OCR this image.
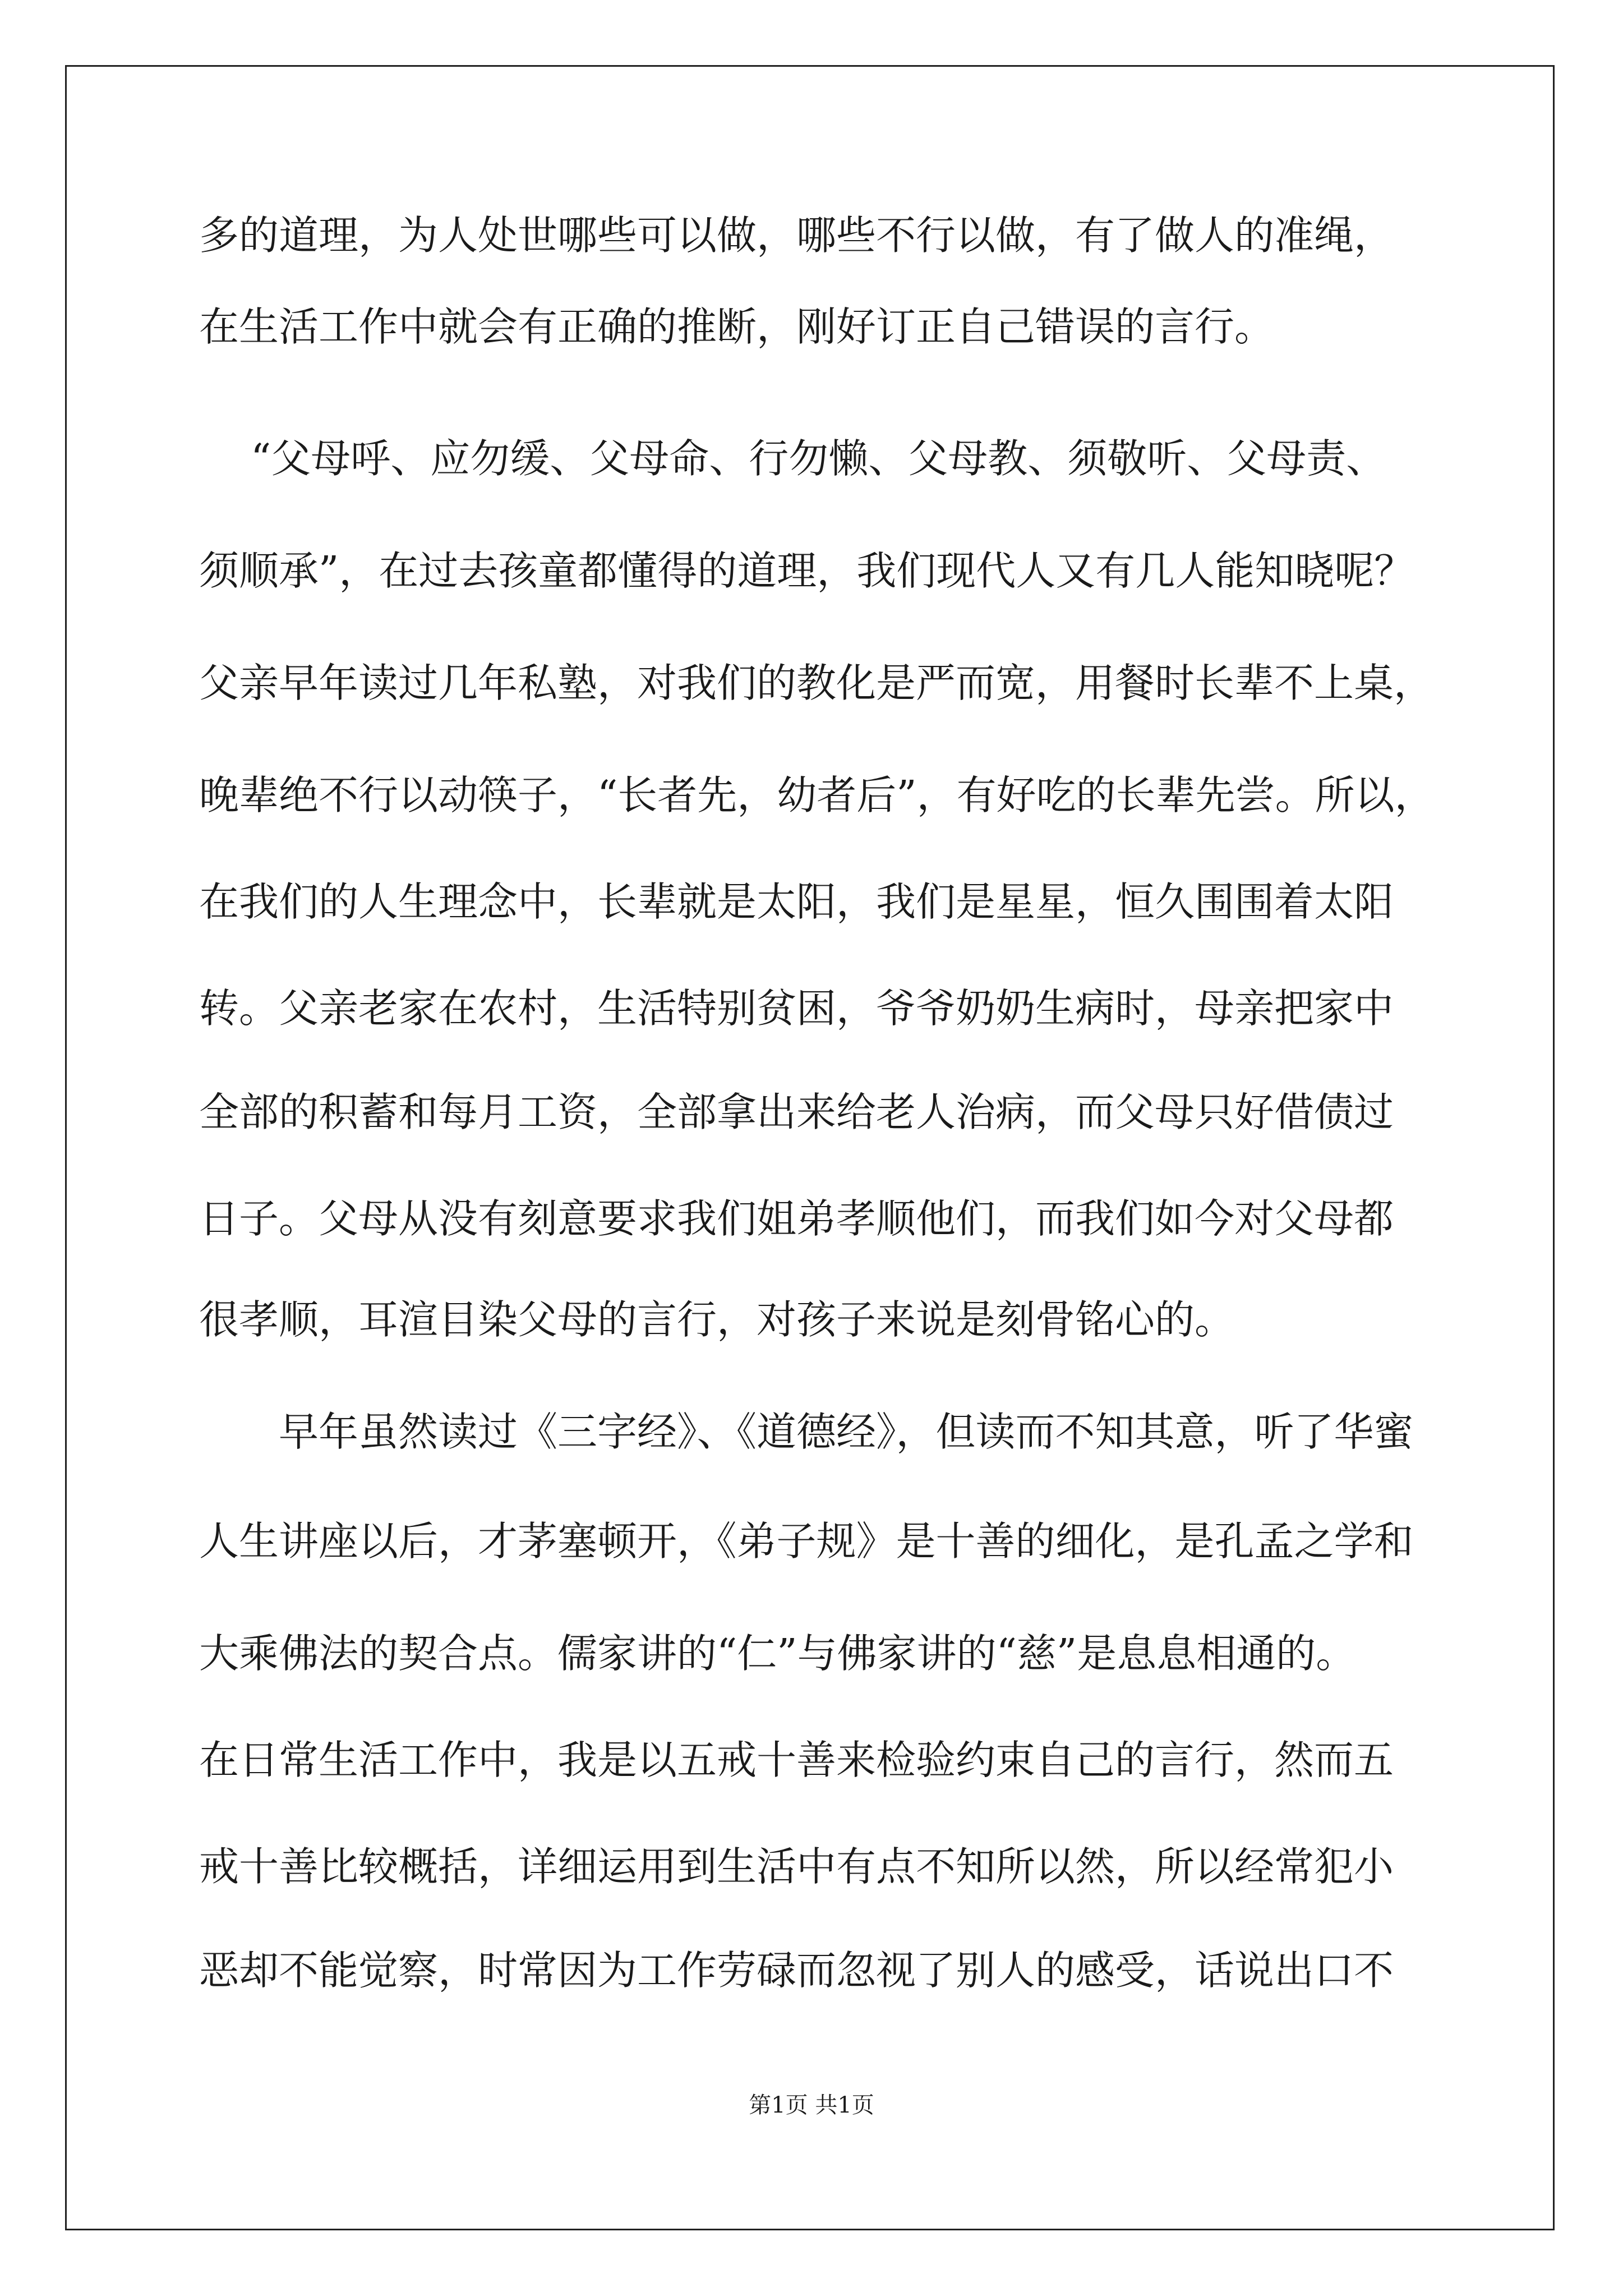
多的道理，为人处世哪些可以做，哪些不行以做，有了做人的准绳，
在生活工作中就会有正确的推断，刚好订正自己错误的言行。
“父母呼、应勿缓、父母命、行勿懒、父母教、须敬听、父母责、
须顺承”，在过去孩童都懂得的道理，我们现代人又有几人能知晓呢？
父亲早年读过几年私塾，对我们的教化是严而宽，用餐时长辈不上桌，
晚辈绝不行以动筷子，“长者先，幼者后”，有好吃的长辈先尝。所以，
在我们的人生理念中，长辈就是太阳，我们是星星，恒久围围着太阳
转。父亲老家在农村，生活特别贫困，爷爷奶奶生病时，母亲把家中
全部的积蓄和每月工资，全部拿出来给老人治病，而父母只好借债过
日子。父母从没有刻意要求我们姐弟孝顺他们，而我们如今对父母都
很孝顺，耳渲目染父母的言行，对孩子来说是刻骨铭心的。
早年虽然读过《三字经》、《道德经》，但读而不知其意，听了华蜜
人生讲座以后，才茅塞顿开，《弟子规》是十善的细化，是孔孟之学和
大乘佛法的契合点。儒家讲的“仁”与佛家讲的“慈”是息息相通的。
在日常生活工作中，我是以五戒十善来检验约束自己的言行，然而五
戒十善比较概括，详细运用到生活中有点不知所以然，所以经常犯小
恶却不能觉察，时常因为工作劳碌而忽视了别人的感受，话说出口不
第1页 共1页
